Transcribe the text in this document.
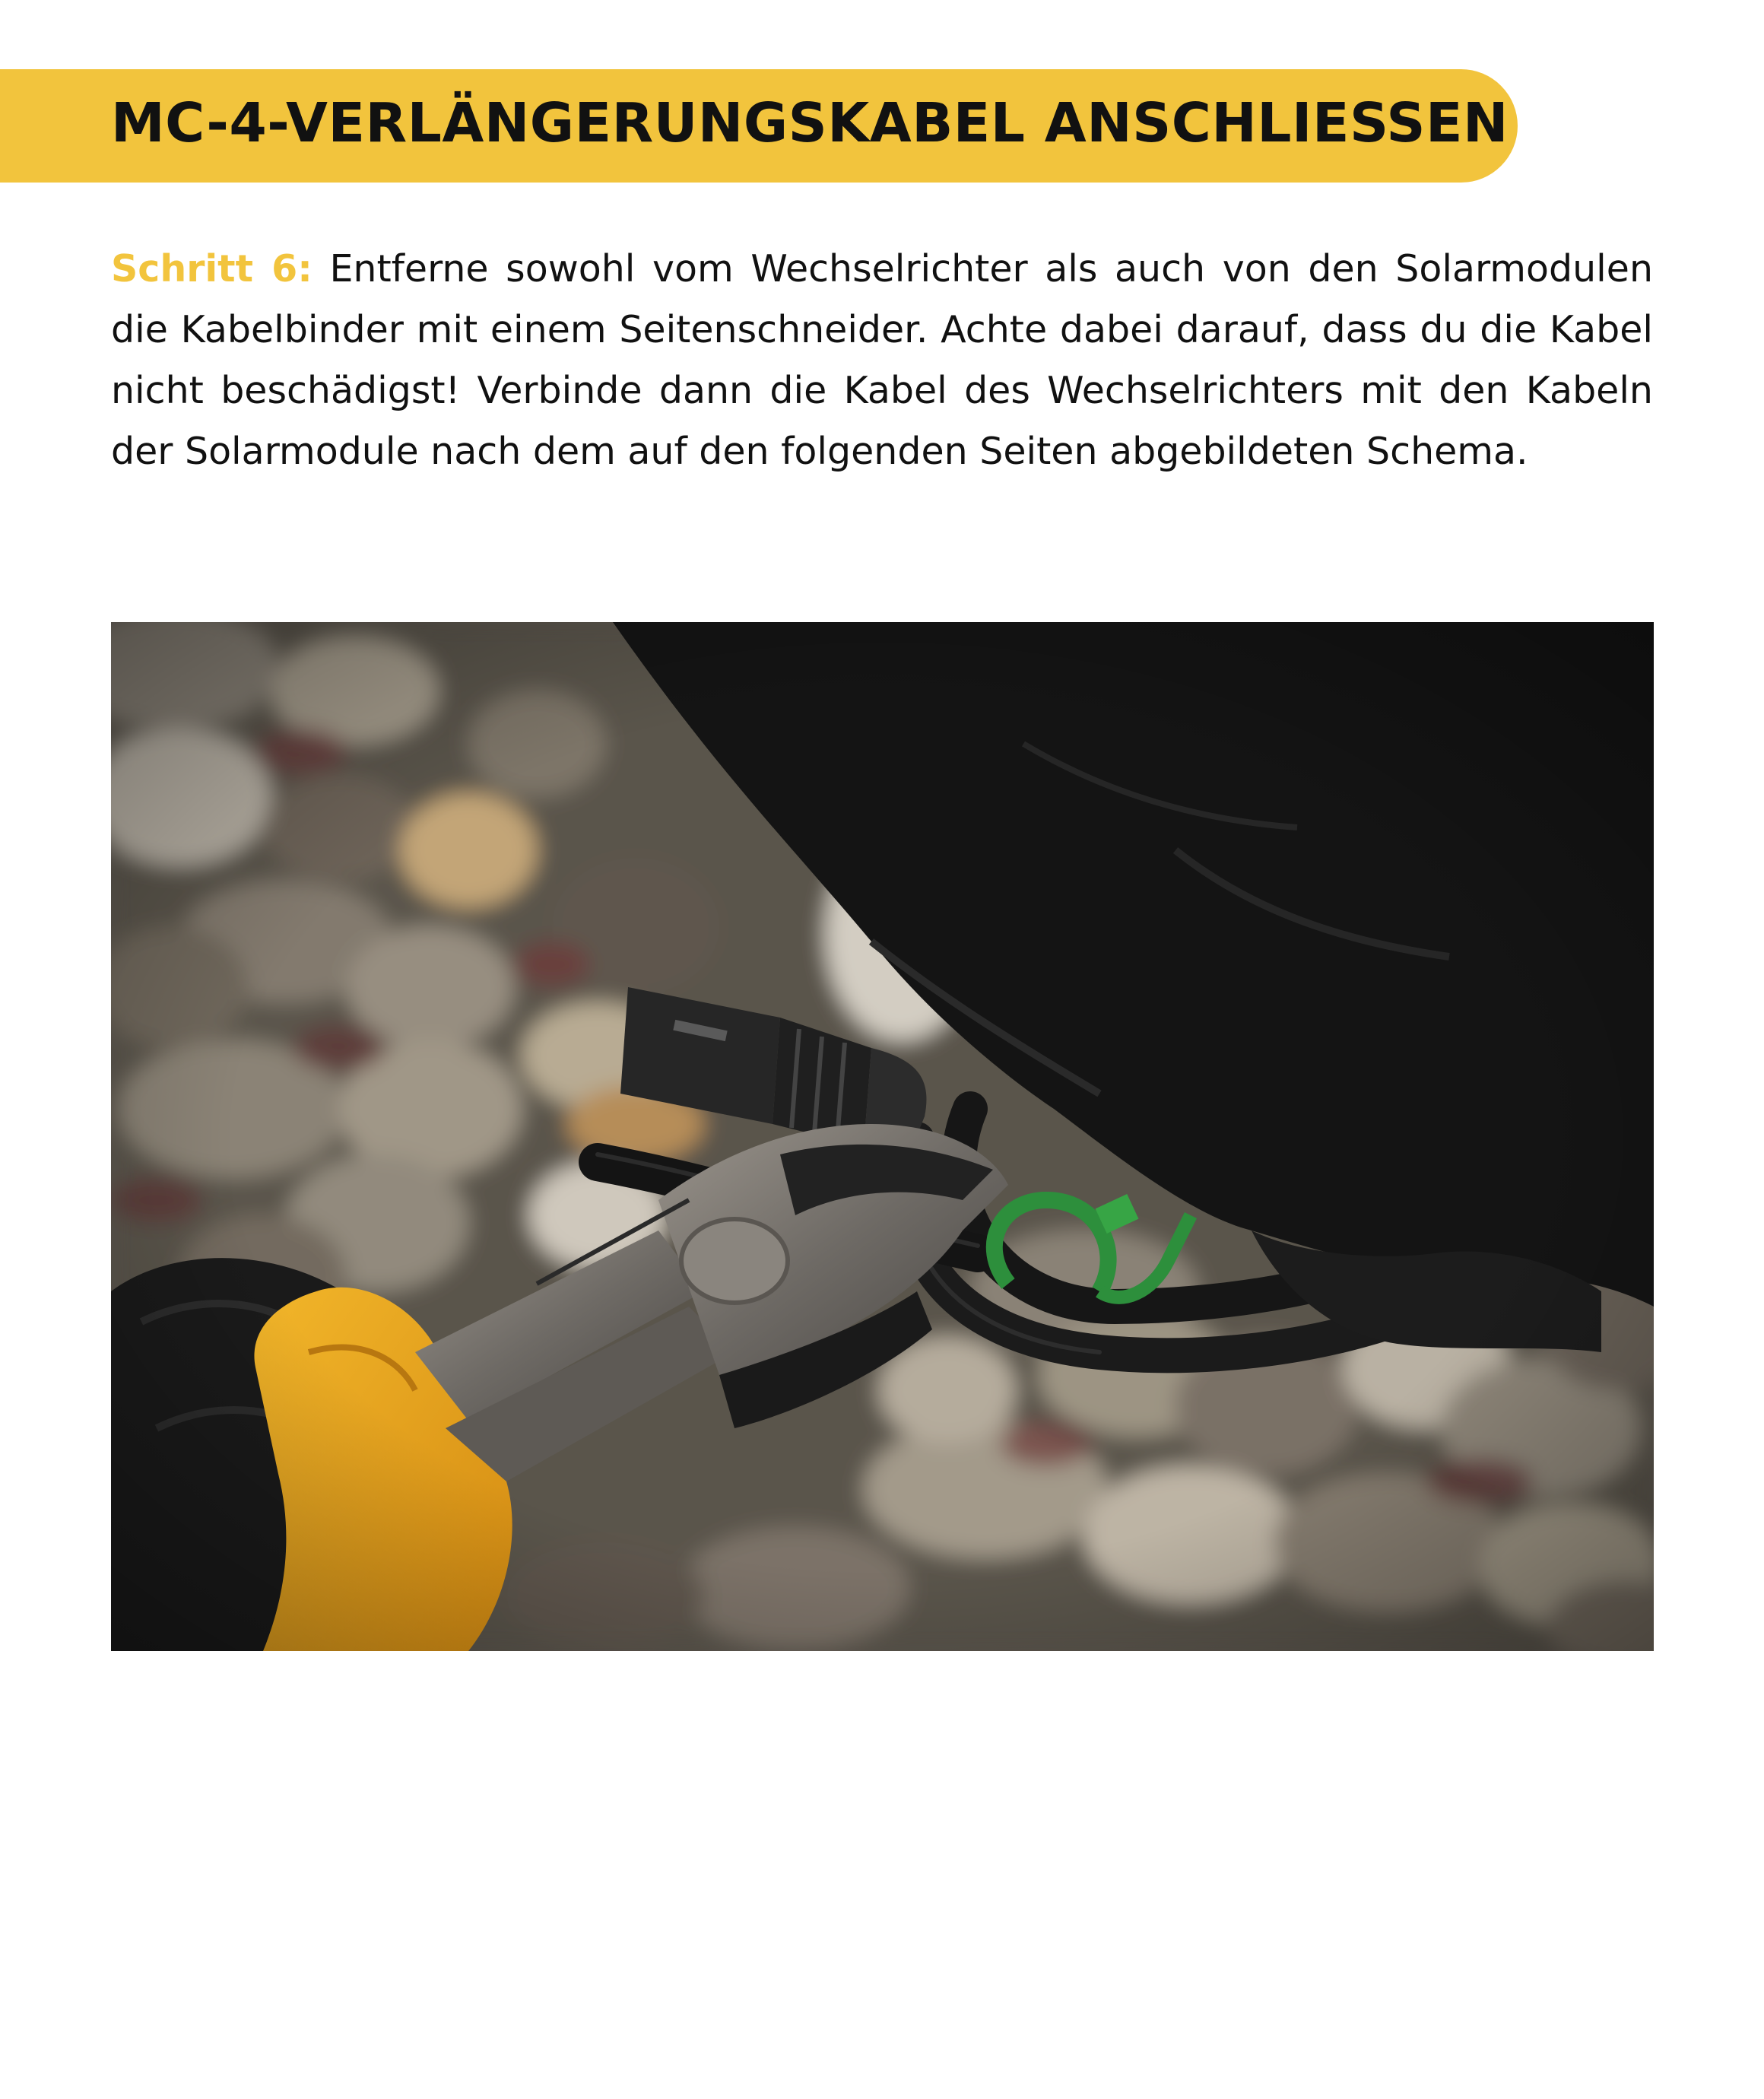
MC-4-VERLÄNGERUNGSKABEL ANSCHLIESSEN

Schritt 6: Entferne sowohl vom Wechselrichter als auch von den Solarmodulen die Kabelbinder mit einem Seitenschneider. Achte dabei darauf, dass du die Kabel nicht beschädigst! Verbinde dann die Kabel des Wechselrichters mit den Kabeln der Solarmodule nach dem auf den folgenden Seiten abgebildeten Schema.
